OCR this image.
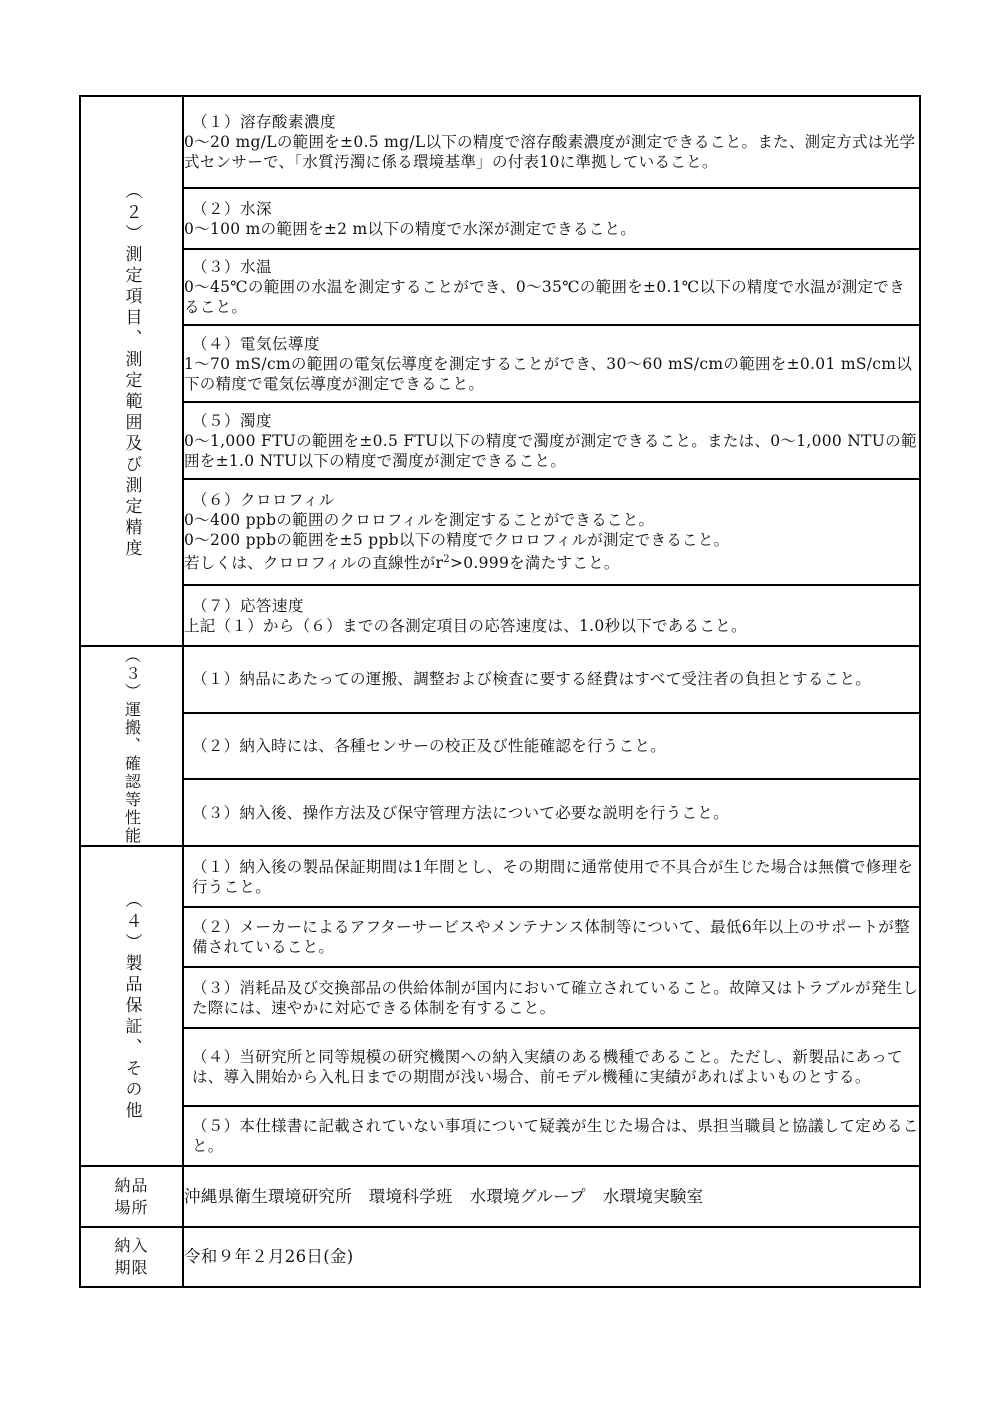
（２）測定項目、測定範囲及び測定精度	（１）溶存酸素濃度
0～20 mg/Lの範囲を±0.5 mg/L以下の精度で溶存酸素濃度が測定できること。また、測定方式は光学式センサーで、「水質汚濁に係る環境基準」の付表10に準拠していること。

	（２）水深
0～100 mの範囲を±2 m以下の精度で水深が測定できること。

	（３）水温
0～45℃の範囲の水温を測定することができ、0～35℃の範囲を±0.1℃以下の精度で水温が測定できること。

	（４）電気伝導度
1～70 mS/cmの範囲の電気伝導度を測定することができ、30～60 mS/cmの範囲を±0.01 mS/cm以下の精度で電気伝導度が測定できること。

	（５）濁度
0～1,000 FTUの範囲を±0.5 FTU以下の精度で濁度が測定できること。または、0～1,000 NTUの範囲を±1.0 NTU以下の精度で濁度が測定できること。

	（６）クロロフィル
0～400 ppbの範囲のクロロフィルを測定することができること。
0～200 ppbの範囲を±5 ppb以下の精度でクロロフィルが測定できること。
若しくは、クロロフィルの直線性が$r^2>0.999$を満たすこと。

	（７）応答速度
上記（１）から（６）までの各測定項目の応答速度は、1.0秒以下であること。

（３）運搬、確認等性能	（１）納品にあたっての運搬、調整および検査に要する経費はすべて受注者の負担とすること。

	（２）納入時には、各種センサーの校正及び性能確認を行うこと。

	（３）納入後、操作方法及び保守管理方法について必要な説明を行うこと。

（４）製品保証、その他	（１）納入後の製品保証期間は1年間とし、その期間に通常使用で不具合が生じた場合は無償で修理を行うこと。

	（２）メーカーによるアフターサービスやメンテナンス体制等について、最低6年以上のサポートが整備されていること。

	（３）消耗品及び交換部品の供給体制が国内において確立されていること。故障又はトラブルが発生した際には、速やかに対応できる体制を有すること。

	（４）当研究所と同等規模の研究機関への納入実績のある機種であること。ただし、新製品にあっては、導入開始から入札日までの期間が浅い場合、前モデル機種に実績があればよいものとする。

	（５）本仕様書に記載されていない事項について疑義が生じた場合は、県担当職員と協議して定めること。

納品
場所	沖縄県衛生環境研究所　環境科学班　水環境グループ　水環境実験室

納入
期限	令和９年２月26日(金)
